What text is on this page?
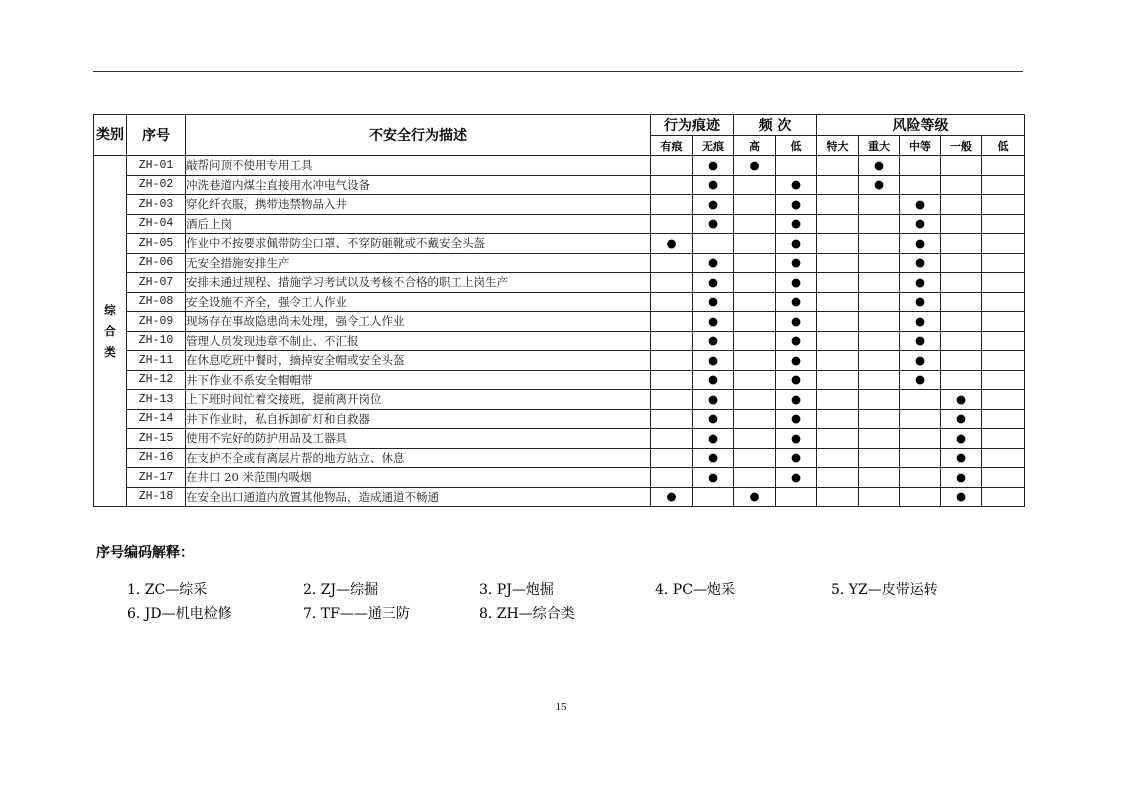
类别	序号	不安全行为描述	行为痕迹		频 次		风险等级				
			有痕	无痕	高	低	特大	重大	中等	一般	低
综
合
类	ZH-01	敲帮问顶不使用专用工具		●	●			●			
	ZH-02	冲洗巷道内煤尘直接用水冲电气设备		●		●		●			
	ZH-03	穿化纤衣服，携带违禁物品入井		●		●			●		
	ZH-04	酒后上岗		●		●			●		
	ZH-05	作业中不按要求佩带防尘口罩、不穿防砸靴或不戴安全头盔	●			●			●		
	ZH-06	无安全措施安排生产		●		●			●		
	ZH-07	安排未通过规程、措施学习考试以及考核不合格的职工上岗生产		●		●			●		
	ZH-08	安全设施不齐全，强令工人作业		●		●			●		
	ZH-09	现场存在事故隐患尚未处理，强令工人作业		●		●			●		
	ZH-10	管理人员发现违章不制止、不汇报		●		●			●		
	ZH-11	在休息吃班中餐时，摘掉安全帽或安全头盔		●		●			●		
	ZH-12	井下作业不系安全帽帽带		●		●			●		
	ZH-13	上下班时间忙着交接班，提前离开岗位		●		●				●	
	ZH-14	井下作业时，私自拆卸矿灯和自救器		●		●				●	
	ZH-15	使用不完好的防护用品及工器具		●		●				●	
	ZH-16	在支护不全或有离层片帮的地方站立、休息		●		●				●	
	ZH-17	在井口 20 米范围内吸烟		●		●				●	
	ZH-18	在安全出口通道内放置其他物品，造成通道不畅通	●		●					●	
序号编码解释：
1. ZC—综采	2. ZJ—综掘	3. PJ—炮掘	4. PC—炮采	5. YZ—皮带运转
6. JD—机电检修	7. TF——通三防	8. ZH—综合类
15
